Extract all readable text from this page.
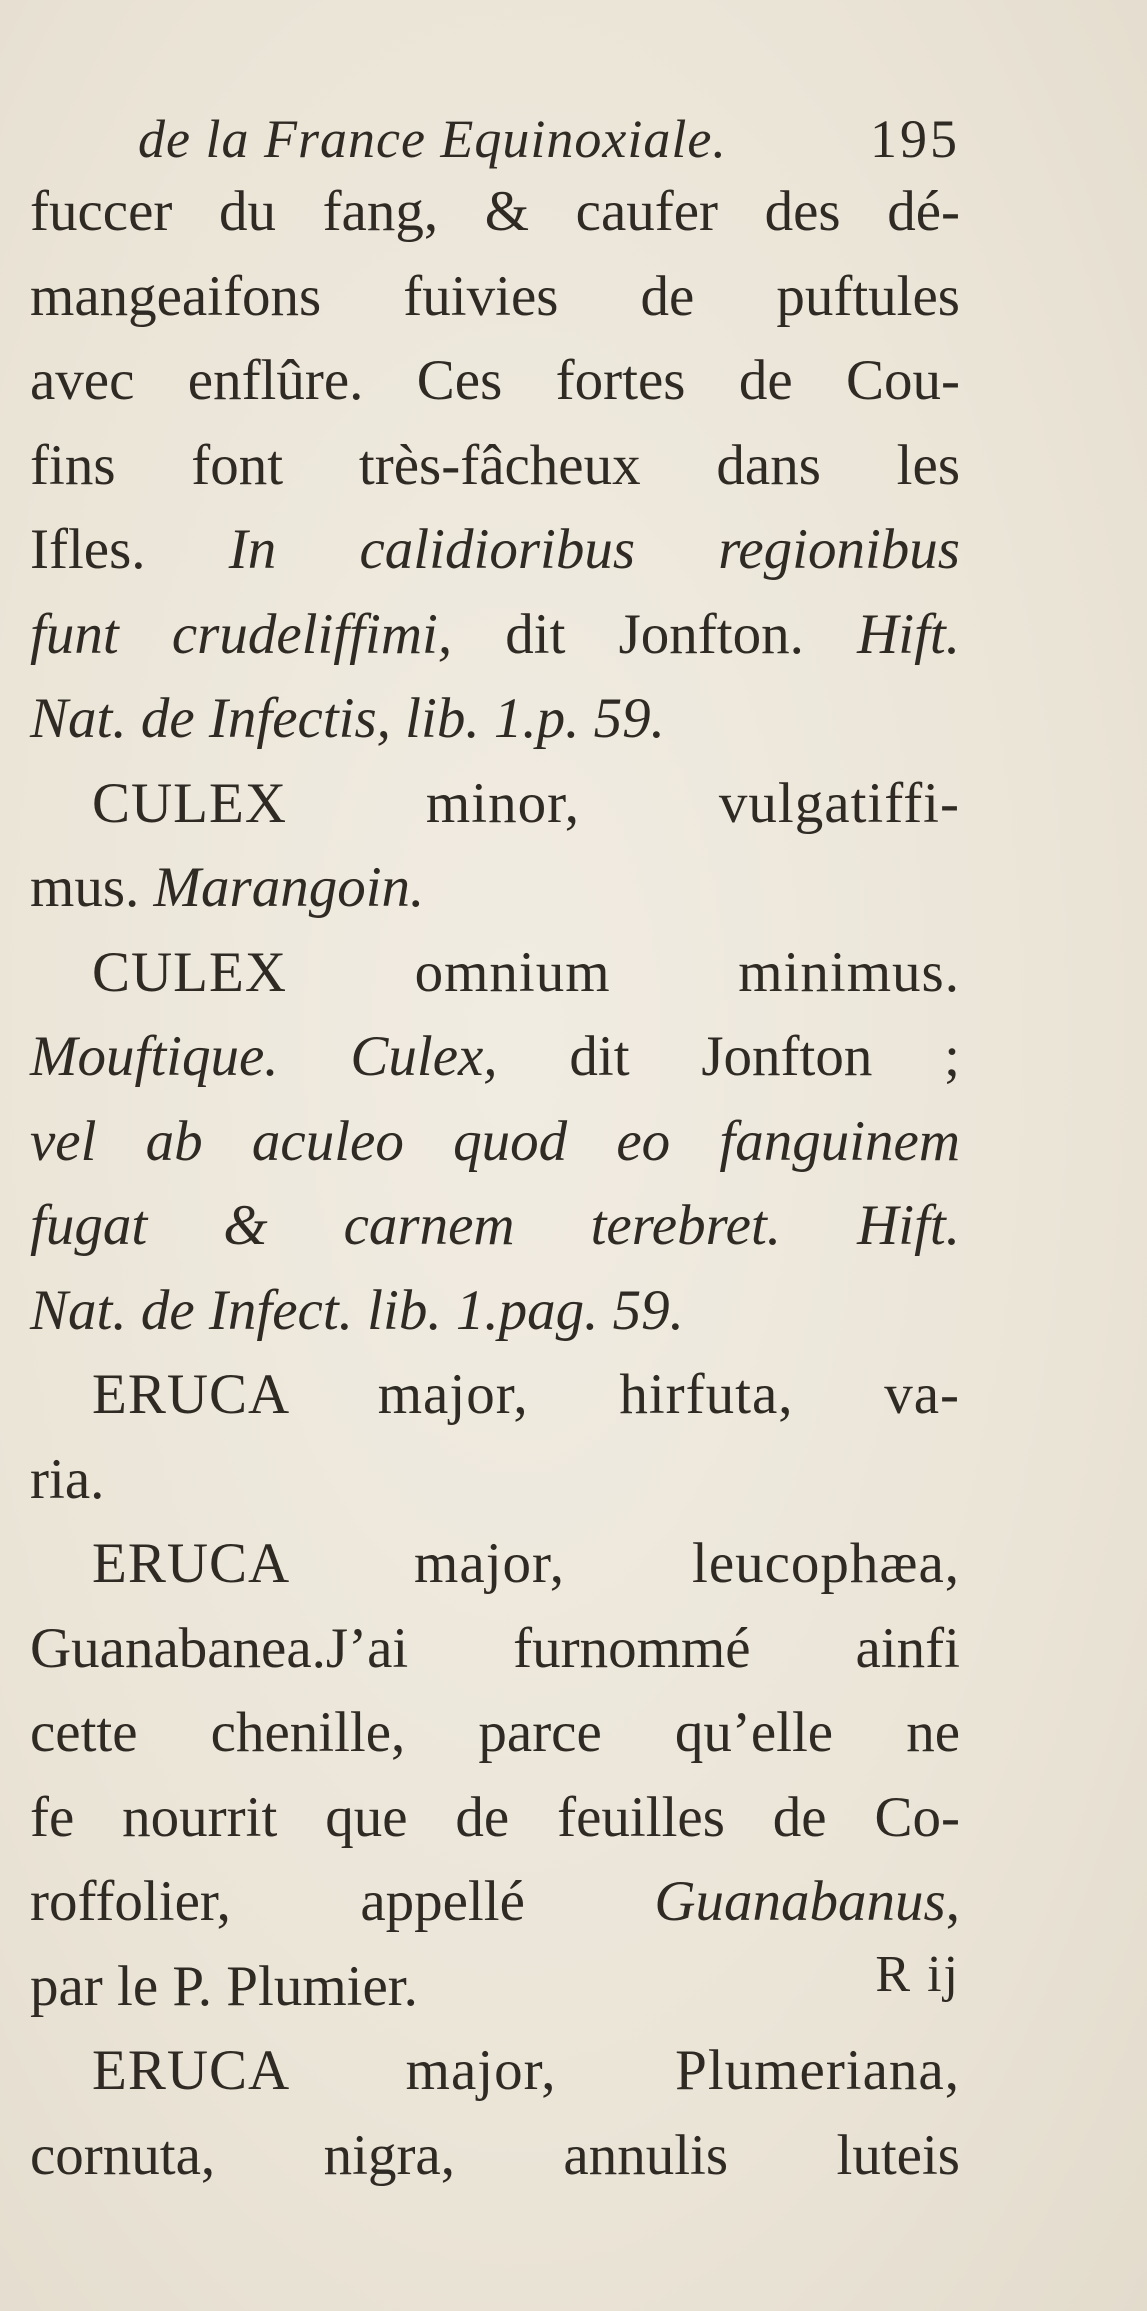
de la France Equinoxiale.	195
fuccer du fang, & caufer des dé-
mangeaifons fuivies de puftules
avec enflûre. Ces fortes de Cou-
fins font très-fâcheux dans les
Ifles. In calidioribus regionibus
funt crudeliffimi, dit Jonfton. Hift.
Nat. de Infectis, lib. 1.p. 59.
CULEX minor, vulgatiffi-
mus. Marangoin.
CULEX omnium minimus.
Mouftique. Culex, dit Jonfton ;
vel ab aculeo quod eo fanguinem
fugat & carnem terebret. Hift.
Nat. de Infect. lib. 1.pag. 59.
ERUCA major, hirfuta, va-
ria.
ERUCA major, leucophæa,
Guanabanea.J’ai furnommé ainfi
cette chenille, parce qu’elle ne
fe nourrit que de feuilles de Co-
roffolier, appellé Guanabanus,
par le P. Plumier.
ERUCA major, Plumeriana,
cornuta, nigra, annulis luteis
R ij
